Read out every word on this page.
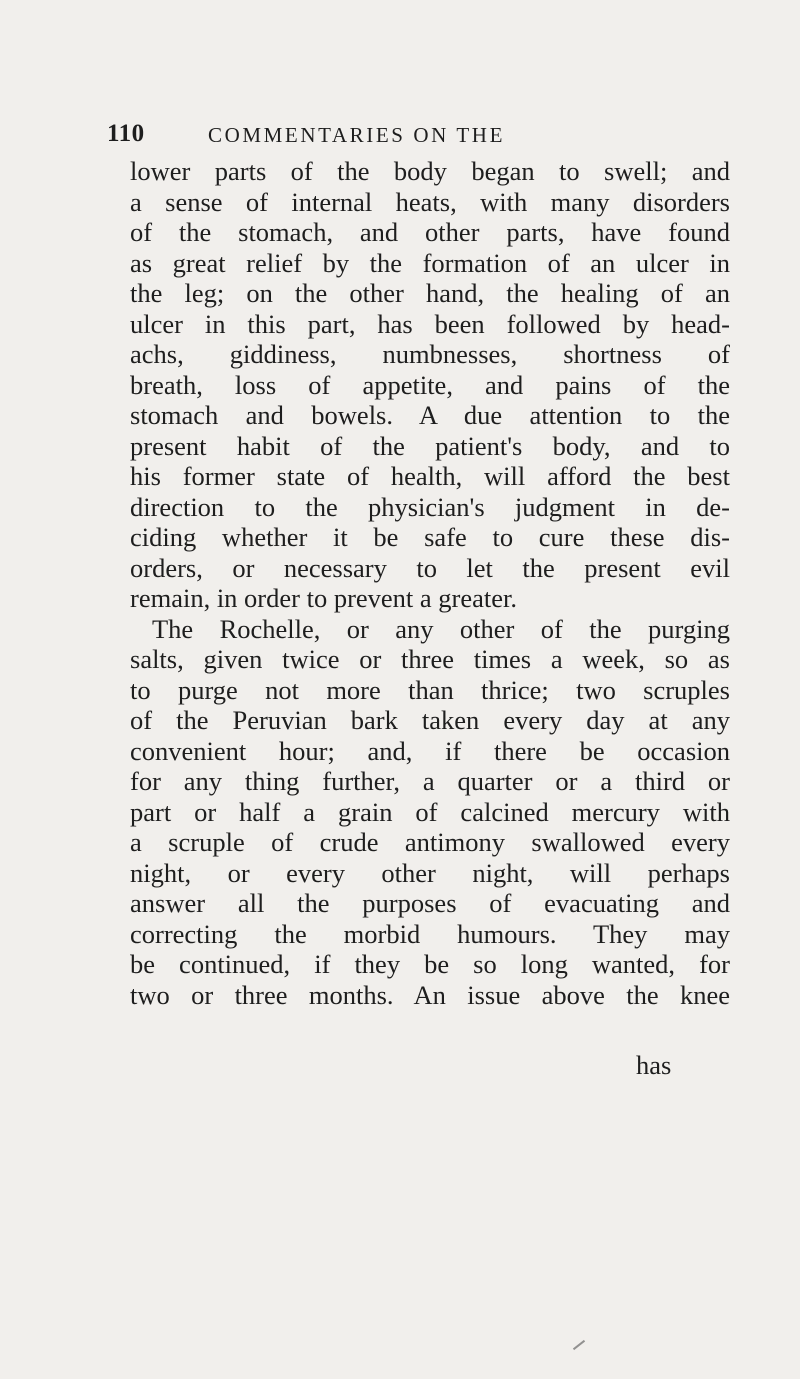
110	COMMENTARIES ON THE
lower parts of the body began to swell; and
a sense of internal heats, with many disorders
of the stomach, and other parts, have found
as great relief by the formation of an ulcer in
the leg; on the other hand, the healing of an
ulcer in this part, has been followed by head-
achs, giddiness, numbnesses, shortness of
breath, loss of appetite, and pains of the
stomach and bowels. A due attention to the
present habit of the patient's body, and to
his former state of health, will afford the best
direction to the physician's judgment in de-
ciding whether it be safe to cure these dis-
orders, or necessary to let the present evil
remain, in order to prevent a greater.
The Rochelle, or any other of the purging
salts, given twice or three times a week, so as
to purge not more than thrice; two scruples
of the Peruvian bark taken every day at any
convenient hour; and, if there be occasion
for any thing further, a quarter or a third or
part or half a grain of calcined mercury with
a scruple of crude antimony swallowed every
night, or every other night, will perhaps
answer all the purposes of evacuating and
correcting the morbid humours. They may
be continued, if they be so long wanted, for
two or three months. An issue above the knee
has
